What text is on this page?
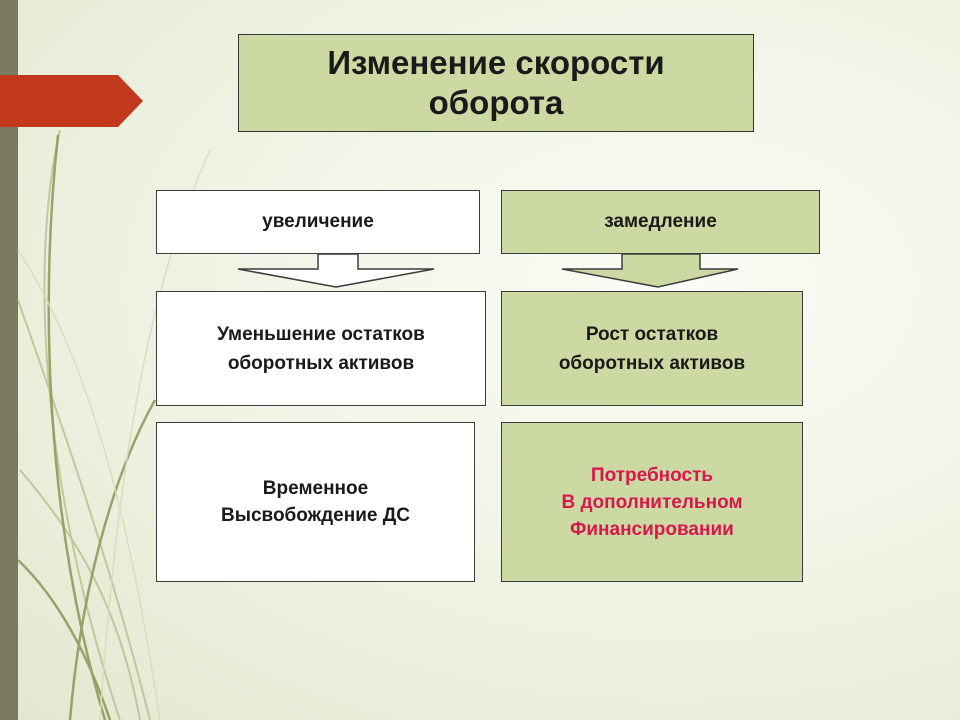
Изменение скорости
оборота
увеличение	замедление
Уменьшение остатков
оборотных активов
Рост остатков
оборотных активов
Временное
Высвобождение ДС
Потребность
В дополнительном
Финансировании
